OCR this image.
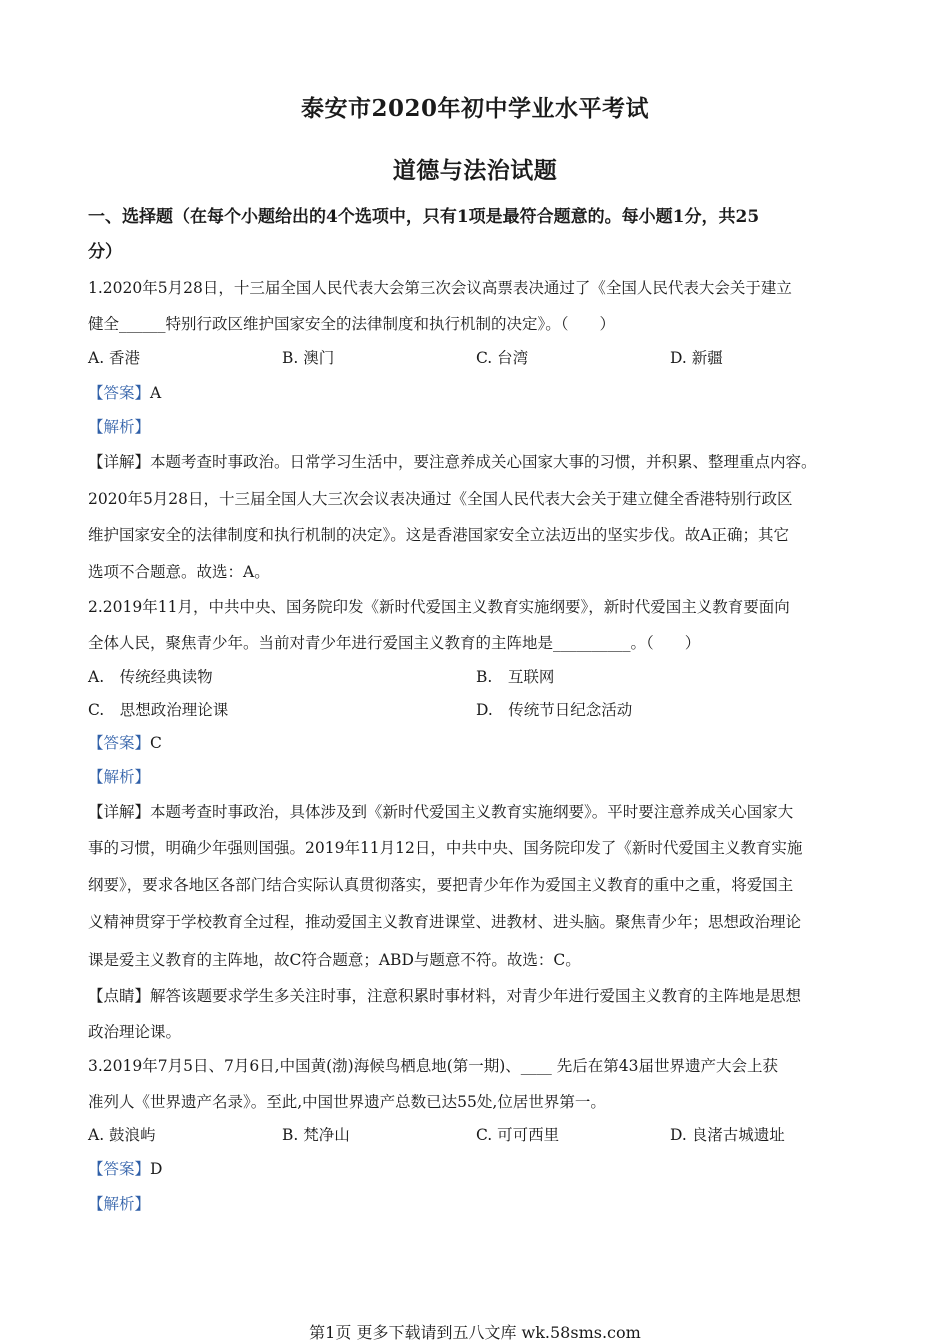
泰安市2020年初中学业水平考试
道德与法治试题
一、选择题（在每个小题给出的4个选项中，只有1项是最符合题意的。每小题1分，共25
分）
1.2020年5月28日，十三届全国人民代表大会第三次会议高票表决通过了《全国人民代表大会关于建立
健全______特别行政区维护国家安全的法律制度和执行机制的决定》。（　　）
A. 香港	B. 澳门	C. 台湾	D. 新疆
【答案】A
【解析】
【详解】本题考查时事政治。日常学习生活中，要注意养成关心国家大事的习惯，并积累、整理重点内容。
2020年5月28日，十三届全国人大三次会议表决通过《全国人民代表大会关于建立健全香港特别行政区
维护国家安全的法律制度和执行机制的决定》。这是香港国家安全立法迈出的坚实步伐。故A正确；其它
选项不合题意。故选：A。
2.2019年11月，中共中央、国务院印发《新时代爱国主义教育实施纲要》，新时代爱国主义教育要面向
全体人民，聚焦青少年。当前对青少年进行爱国主义教育的主阵地是__________。（　　）
A.　传统经典读物	B.　互联网
C.　思想政治理论课	D.　传统节日纪念活动
【答案】C
【解析】
【详解】本题考查时事政治，具体涉及到《新时代爱国主义教育实施纲要》。平时要注意养成关心国家大
事的习惯，明确少年强则国强。2019年11月12日，中共中央、国务院印发了《新时代爱国主义教育实施
纲要》，要求各地区各部门结合实际认真贯彻落实，要把青少年作为爱国主义教育的重中之重，将爱国主
义精神贯穿于学校教育全过程，推动爱国主义教育进课堂、进教材、进头脑。聚焦青少年；思想政治理论
课是爱主义教育的主阵地，故C符合题意；ABD与题意不符。故选：C。
【点睛】解答该题要求学生多关注时事，注意积累时事材料，对青少年进行爱国主义教育的主阵地是思想
政治理论课。
3.2019年7月5日、7月6日,中国黄(渤)海候鸟栖息地(第一期)、____ 先后在第43届世界遗产大会上获
准列人《世界遗产名录》。至此,中国世界遗产总数已达55处,位居世界第一。
A. 鼓浪屿	B. 梵净山	C. 可可西里	D. 良渚古城遗址
【答案】D
【解析】
第1页 更多下载请到五八文库 wk.58sms.com
